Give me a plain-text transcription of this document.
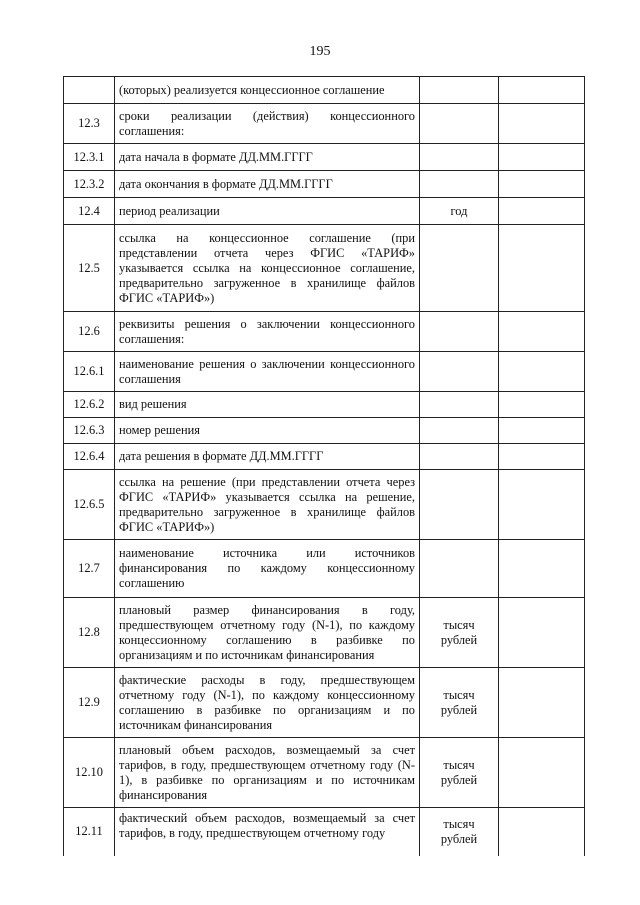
195
	(которых) реализуется концессионное соглашение		
12.3	сроки реализации (действия) концессионного соглашения:		
12.3.1	дата начала в формате ДД.ММ.ГГГГ		
12.3.2	дата окончания в формате ДД.ММ.ГГГГ		
12.4	период реализации	год	
12.5	ссылка на концессионное соглашение (при представлении отчета через ФГИС «ТАРИФ» указывается ссылка на концессионное соглашение, предварительно загруженное в хранилище файлов ФГИС «ТАРИФ»)		
12.6	реквизиты решения о заключении концессионного соглашения:		
12.6.1	наименование решения о заключении концессионного соглашения		
12.6.2	вид решения		
12.6.3	номер решения		
12.6.4	дата решения в формате ДД.ММ.ГГГГ		
12.6.5	ссылка на решение (при представлении отчета через ФГИС «ТАРИФ» указывается ссылка на решение, предварительно загруженное в хранилище файлов ФГИС «ТАРИФ»)		
12.7	наименование источника или источников финансирования по каждому концессионному соглашению		
12.8	плановый размер финансирования в году, предшествующем отчетному году (N-1), по каждому концессионному соглашению в разбивке по организациям и по источникам финансирования	тысяч рублей	
12.9	фактические расходы в году, предшествующем отчетному году (N-1), по каждому концессионному соглашению в разбивке по организациям и по источникам финансирования	тысяч рублей	
12.10	плановый объем расходов, возмещаемый за счет тарифов, в году, предшествующем отчетному году (N-1), в разбивке по организациям и по источникам финансирования	тысяч рублей	
12.11	фактический объем расходов, возмещаемый за счет тарифов, в году, предшествующем отчетному году	тысяч рублей	
